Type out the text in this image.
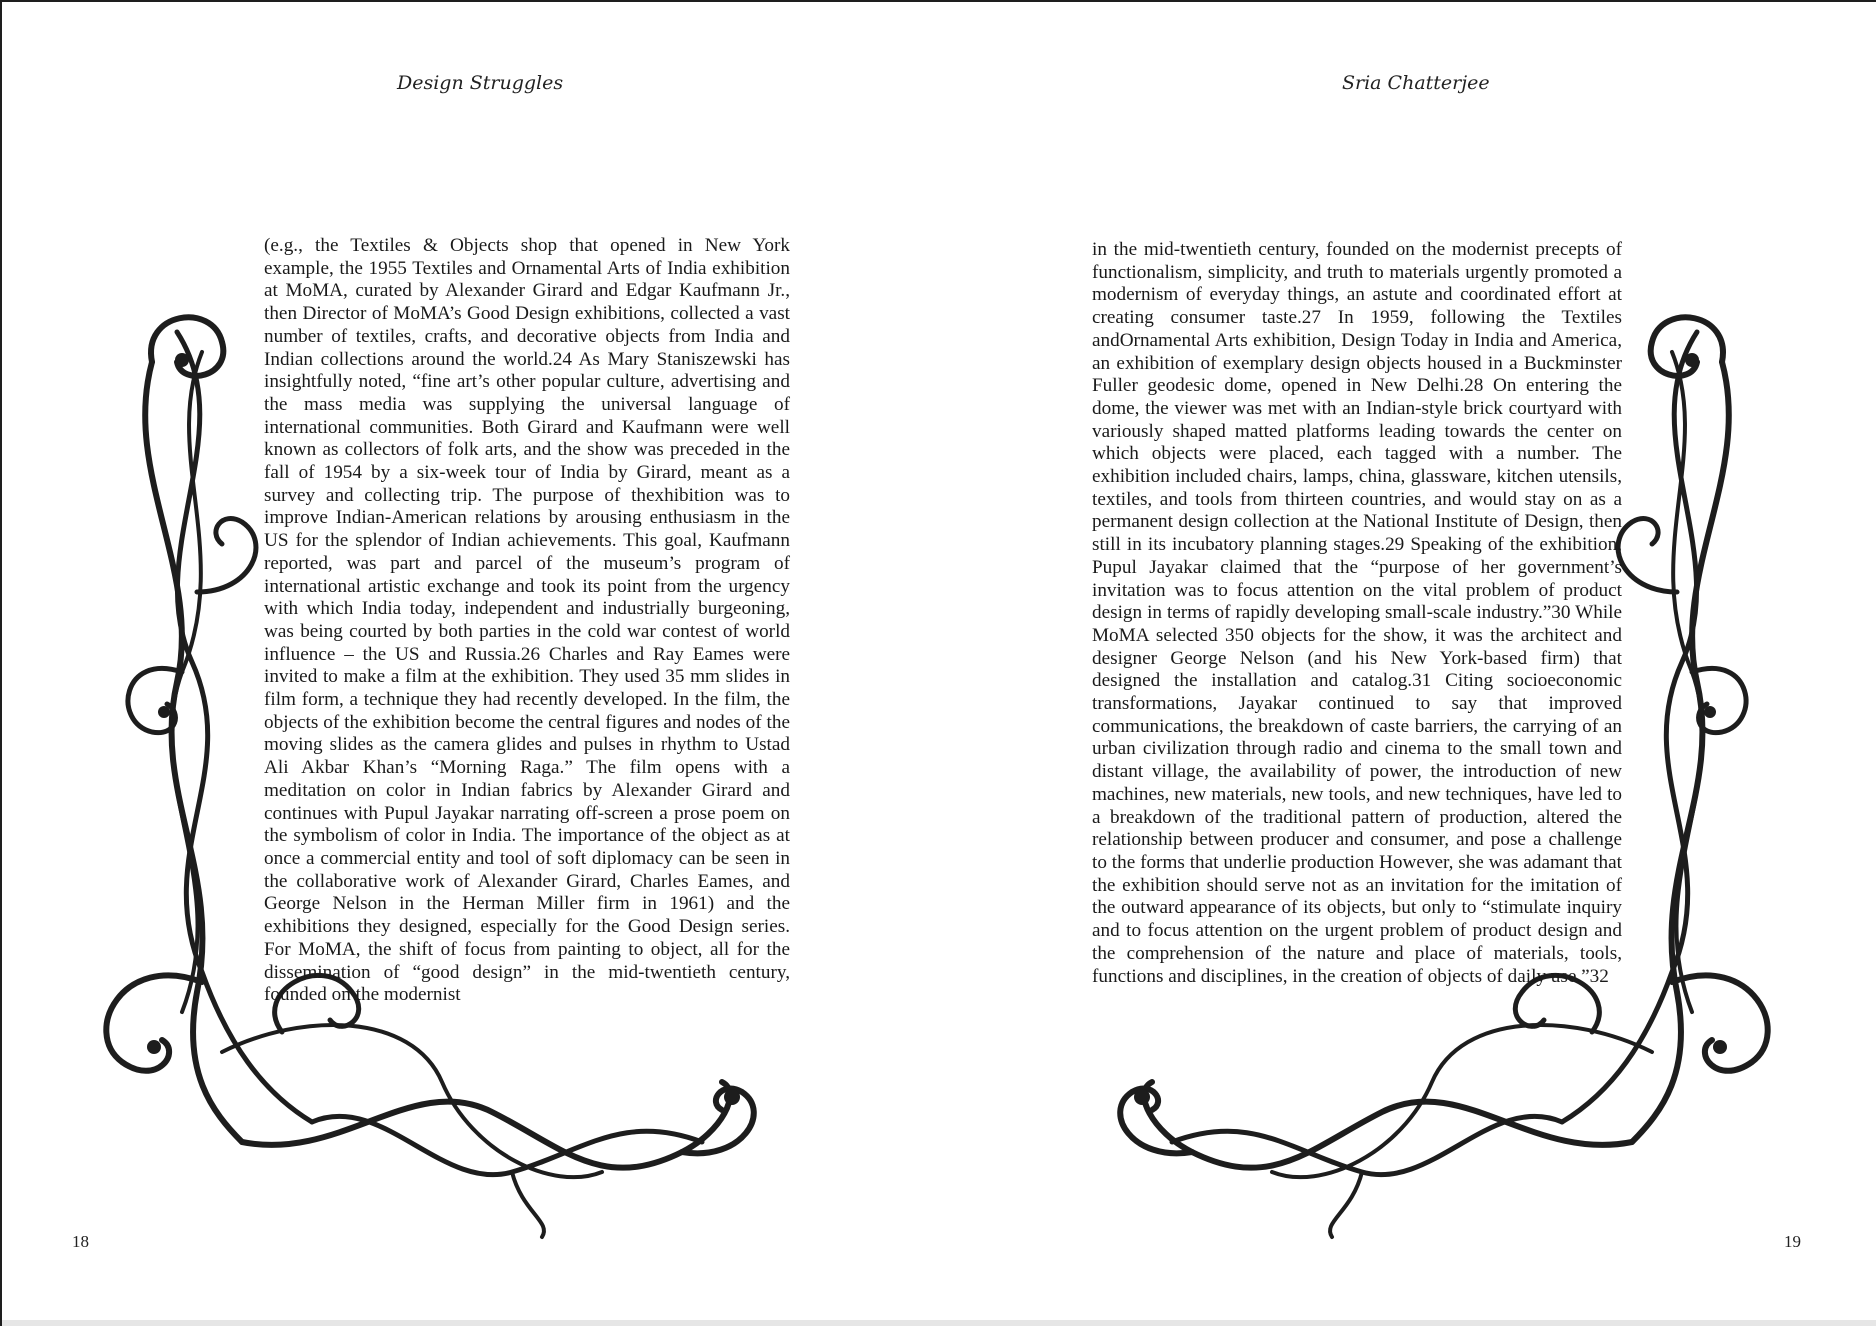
Design Struggles	Sria Chatterjee
(e.g., the Textiles & Objects shop that opened in New York example, the 1955 Textiles and Ornamental Arts of India exhibition at MoMA, curated by Alexander Girard and Edgar Kaufmann Jr., then Director of MoMA’s Good Design exhibitions, collected a vast number of textiles, crafts, and decorative objects from India and Indian collections around the world.24 As Mary Staniszewski has insightfully noted, “fine art’s other popular culture, advertising and the mass media was supplying the universal language of international communities. Both Girard and Kaufmann were well known as collectors of folk arts, and the show was preceded in the fall of 1954 by a six-week tour of India by Girard, meant as a survey and collecting trip. The purpose of thexhibition was to improve Indian-American relations by arousing enthusiasm in the US for the splendor of Indian achievements. This goal, Kaufmann reported, was part and parcel of the museum’s program of international artistic exchange and took its point from the urgency with which India today, independent and industrially burgeoning, was being courted by both parties in the cold war contest of world influence – the US and Russia.26 Charles and Ray Eames were invited to make a film at the exhibition. They used 35 mm slides in film form, a technique they had recently developed. In the film, the objects of the exhibition become the central figures and nodes of the moving slides as the camera glides and pulses in rhythm to Ustad Ali Akbar Khan’s “Morning Raga.” The film opens with a meditation on color in Indian fabrics by Alexander Girard and continues with Pupul Jayakar narrating off-screen a prose poem on the symbolism of color in India. The importance of the object as at once a commercial entity and tool of soft diplomacy can be seen in the collaborative work of Alexander Girard, Charles Eames, and George Nelson in the Herman Miller firm in 1961) and the exhibitions they designed, especially for the Good Design series. For MoMA, the shift of focus from painting to object, all for the dissemination of “good design” in the mid-twentieth century, founded on the modernist
in the mid-twentieth century, founded on the modernist precepts of functionalism, simplicity, and truth to materials urgently promoted a modernism of everyday things, an astute and coordinated effort at creating consumer taste.27 In 1959, following the Textiles andOrnamental Arts exhibition, Design Today in India and America, an exhibition of exemplary design objects housed in a Buckminster Fuller geodesic dome, opened in New Delhi.28 On entering the dome, the viewer was met with an Indian-style brick courtyard with variously shaped matted platforms leading towards the center on which objects were placed, each tagged with a number. The exhibition included chairs, lamps, china, glassware, kitchen utensils, textiles, and tools from thirteen countries, and would stay on as a permanent design collection at the National Institute of Design, then still in its incubatory planning stages.29 Speaking of the exhibition, Pupul Jayakar claimed that the “purpose of her government’s invitation was to focus attention on the vital problem of product design in terms of rapidly developing small-scale industry.”30 While MoMA selected 350 objects for the show, it was the architect and designer George Nelson (and his New York-based firm) that designed the installation and catalog.31 Citing socioeconomic transformations, Jayakar continued to say that improved communications, the breakdown of caste barriers, the carrying of an urban civilization through radio and cinema to the small town and distant village, the availability of power, the introduction of new machines, new materials, new tools, and new techniques, have led to a breakdown of the traditional pattern of production, altered the relationship between producer and consumer, and pose a challenge to the forms that underlie production However, she was adamant that the exhibition should serve not as an invitation for the imitation of the outward appearance of its objects, but only to “stimulate inquiry and to focus attention on the urgent problem of product design and the comprehension of the nature and place of materials, tools, functions and disciplines, in the creation of objects of daily use.”32
18	19
